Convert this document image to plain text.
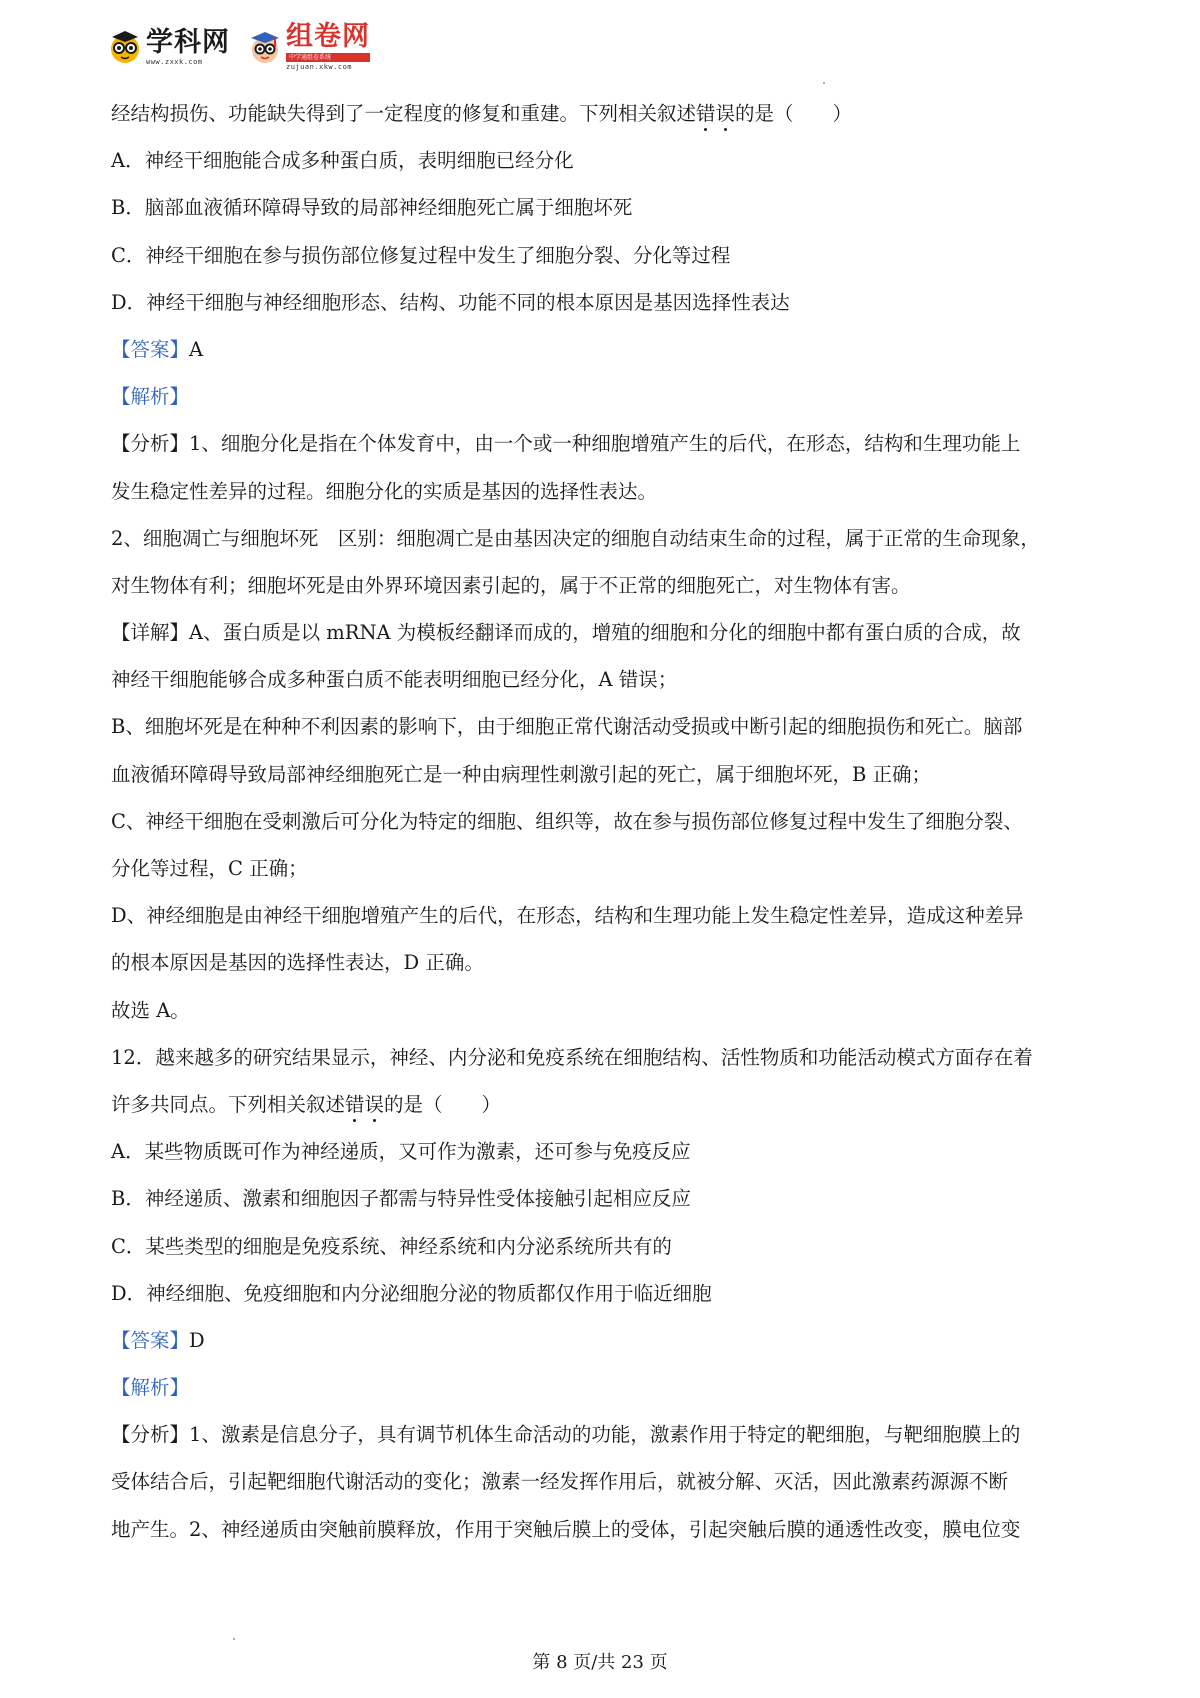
学科网
www.zxxk.com
组卷网
中学通组卷系统
zujuan.xkw.com
经结构损伤、功能缺失得到了一定程度的修复和重建。下列相关叙述错误的是（　　）
A．神经干细胞能合成多种蛋白质，表明细胞已经分化
B．脑部血液循环障碍导致的局部神经细胞死亡属于细胞坏死
C．神经干细胞在参与损伤部位修复过程中发生了细胞分裂、分化等过程
D．神经干细胞与神经细胞形态、结构、功能不同的根本原因是基因选择性表达
【答案】A
【解析】
【分析】1、细胞分化是指在个体发育中，由一个或一种细胞增殖产生的后代，在形态，结构和生理功能上
发生稳定性差异的过程。细胞分化的实质是基因的选择性表达。
2、细胞凋亡与细胞坏死　区别：细胞凋亡是由基因决定的细胞自动结束生命的过程，属于正常的生命现象，
对生物体有利；细胞坏死是由外界环境因素引起的，属于不正常的细胞死亡，对生物体有害。
【详解】A、蛋白质是以 mRNA 为模板经翻译而成的，增殖的细胞和分化的细胞中都有蛋白质的合成，故
神经干细胞能够合成多种蛋白质不能表明细胞已经分化，A 错误；
B、细胞坏死是在种种不利因素的影响下，由于细胞正常代谢活动受损或中断引起的细胞损伤和死亡。脑部
血液循环障碍导致局部神经细胞死亡是一种由病理性刺激引起的死亡，属于细胞坏死，B 正确；
C、神经干细胞在受刺激后可分化为特定的细胞、组织等，故在参与损伤部位修复过程中发生了细胞分裂、
分化等过程，C 正确；
D、神经细胞是由神经干细胞增殖产生的后代，在形态，结构和生理功能上发生稳定性差异，造成这种差异
的根本原因是基因的选择性表达，D 正确。
故选 A。
12．越来越多的研究结果显示，神经、内分泌和免疫系统在细胞结构、活性物质和功能活动模式方面存在着
许多共同点。下列相关叙述错误的是（　　）
A．某些物质既可作为神经递质，又可作为激素，还可参与免疫反应
B．神经递质、激素和细胞因子都需与特异性受体接触引起相应反应
C．某些类型的细胞是免疫系统、神经系统和内分泌系统所共有的
D．神经细胞、免疫细胞和内分泌细胞分泌的物质都仅作用于临近细胞
【答案】D
【解析】
【分析】1、激素是信息分子，具有调节机体生命活动的功能，激素作用于特定的靶细胞，与靶细胞膜上的
受体结合后，引起靶细胞代谢活动的变化；激素一经发挥作用后，就被分解、灭活，因此激素药源源不断
地产生。2、神经递质由突触前膜释放，作用于突触后膜上的受体，引起突触后膜的通透性改变，膜电位变
第 8 页/共 23 页
